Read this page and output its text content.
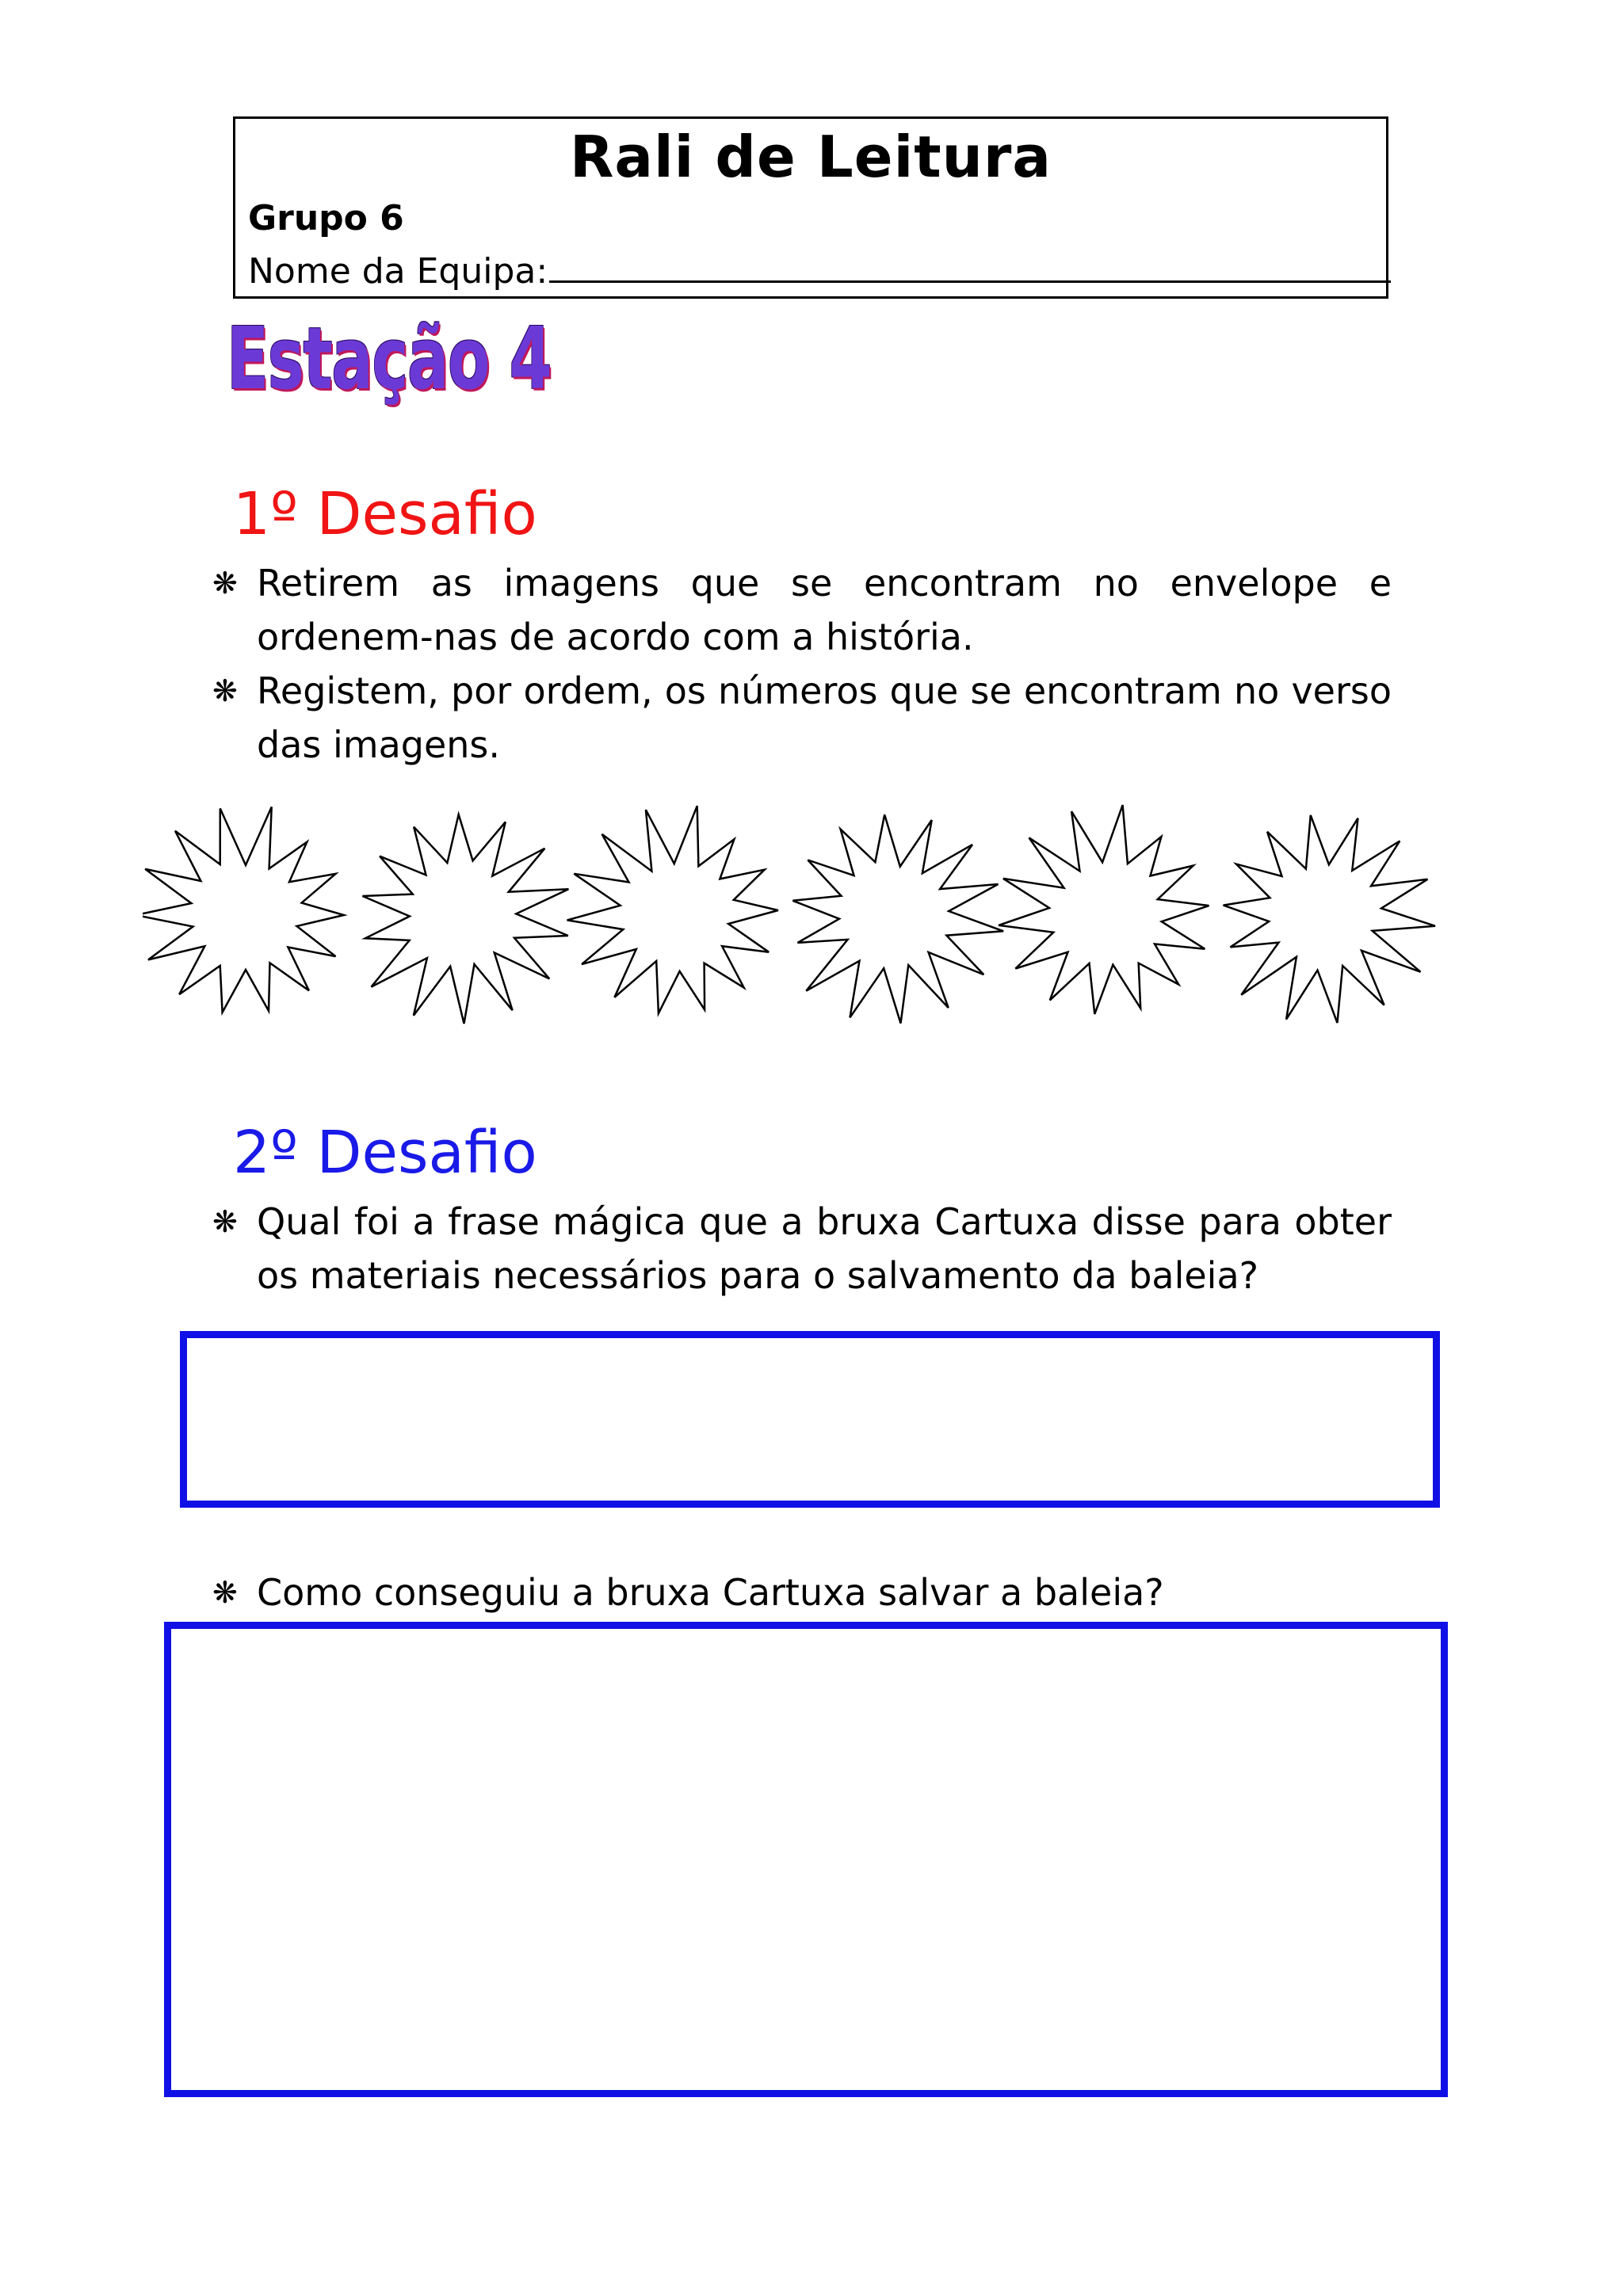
Rali de Leitura
Grupo 6
Nome da Equipa:
Estação 4
1º Desafio
❋ Retirem as imagens que se encontram no envelope e ordenem-nas de acordo com a história.
❋ Registem, por ordem, os números que se encontram no verso das imagens.
2º Desafio
❋ Qual foi a frase mágica que a bruxa Cartuxa disse para obter os materiais necessários para o salvamento da baleia?
❋ Como conseguiu a bruxa Cartuxa salvar a baleia?
